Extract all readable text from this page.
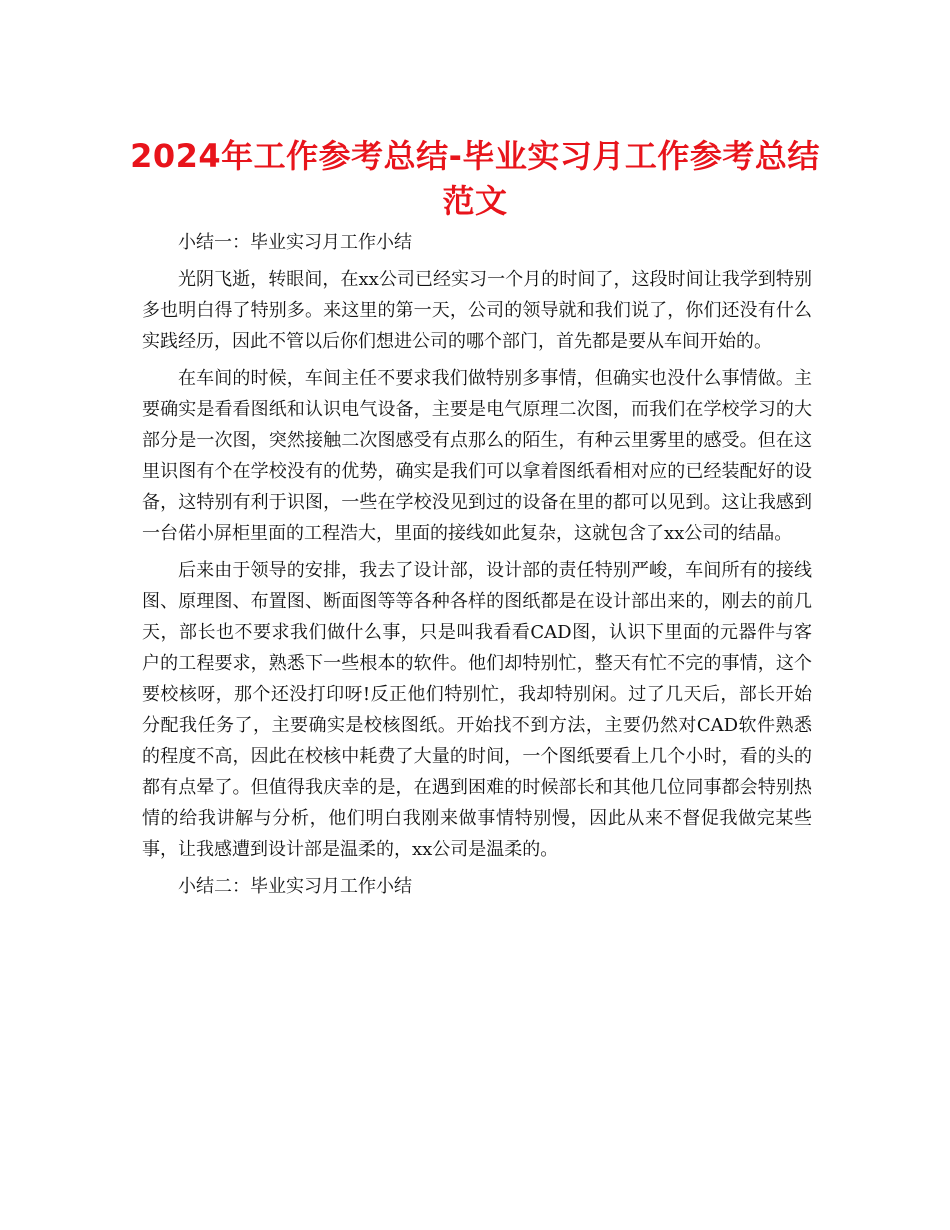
2024年工作参考总结-毕业实习月工作参考总结范文

小结一：毕业实习月工作小结

光阴飞逝，转眼间，在xx公司已经实习一个月的时间了，这段时间让我学到特别多也明白得了特别多。来这里的第一天，公司的领导就和我们说了，你们还没有什么实践经历，因此不管以后你们想进公司的哪个部门，首先都是要从车间开始的。

在车间的时候，车间主任不要求我们做特别多事情，但确实也没什么事情做。主要确实是看看图纸和认识电气设备，主要是电气原理二次图，而我们在学校学习的大部分是一次图，突然接触二次图感受有点那么的陌生，有种云里雾里的感受。但在这里识图有个在学校没有的优势，确实是我们可以拿着图纸看相对应的已经装配好的设备，这特别有利于识图，一些在学校没见到过的设备在里的都可以见到。这让我感到一台偌小屏柜里面的工程浩大，里面的接线如此复杂，这就包含了xx公司的结晶。

后来由于领导的安排，我去了设计部，设计部的责任特别严峻，车间所有的接线图、原理图、布置图、断面图等等各种各样的图纸都是在设计部出来的，刚去的前几天，部长也不要求我们做什么事，只是叫我看看CAD图，认识下里面的元器件与客户的工程要求，熟悉下一些根本的软件。他们却特别忙，整天有忙不完的事情，这个要校核呀，那个还没打印呀!反正他们特别忙，我却特别闲。过了几天后，部长开始分配我任务了，主要确实是校核图纸。开始找不到方法，主要仍然对CAD软件熟悉的程度不高，因此在校核中耗费了大量的时间，一个图纸要看上几个小时，看的头的都有点晕了。但值得我庆幸的是，在遇到困难的时候部长和其他几位同事都会特别热情的给我讲解与分析，他们明白我刚来做事情特别慢，因此从来不督促我做完某些事，让我感遭到设计部是温柔的，xx公司是温柔的。

小结二：毕业实习月工作小结
